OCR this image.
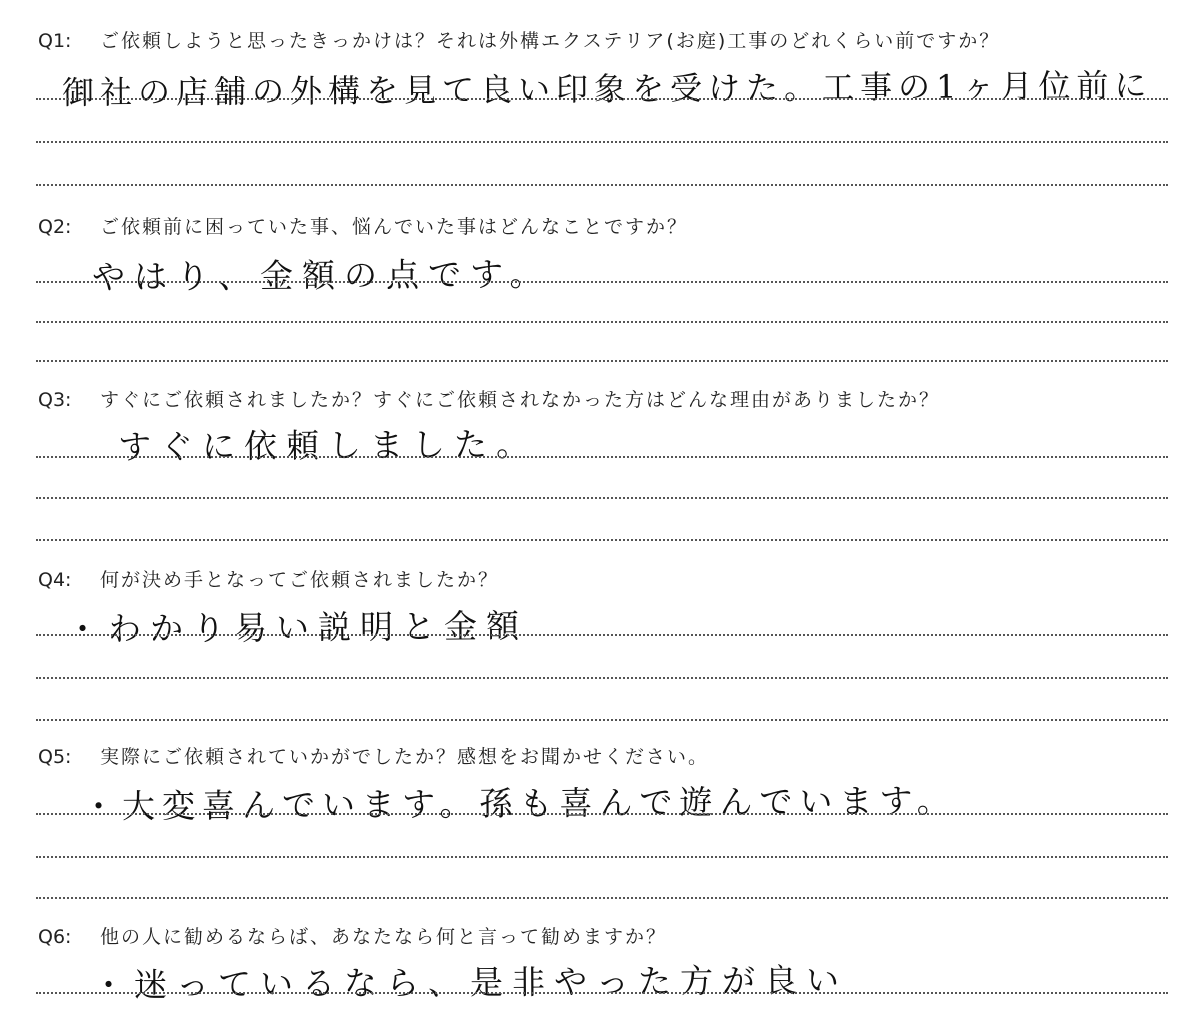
Q1: ご依頼しようと思ったきっかけは？それは外構エクステリア(お庭)工事のどれくらい前ですか？
御社の店舗の外構を見て良い印象を受けた。工事の1ヶ月位前に
Q2: ご依頼前に困っていた事、悩んでいた事はどんなことですか？
やはり、金額の点です。
Q3: すぐにご依頼されましたか？すぐにご依頼されなかった方はどんな理由がありましたか？
すぐに依頼しました。
Q4: 何が決め手となってご依頼されましたか？
・わかり易い説明と金額
Q5: 実際にご依頼されていかがでしたか？感想をお聞かせください。
・大変喜んでいます。孫も喜んで遊んでいます。
Q6: 他の人に勧めるならば、あなたなら何と言って勧めますか？
・迷っているなら、是非やった方が良い
